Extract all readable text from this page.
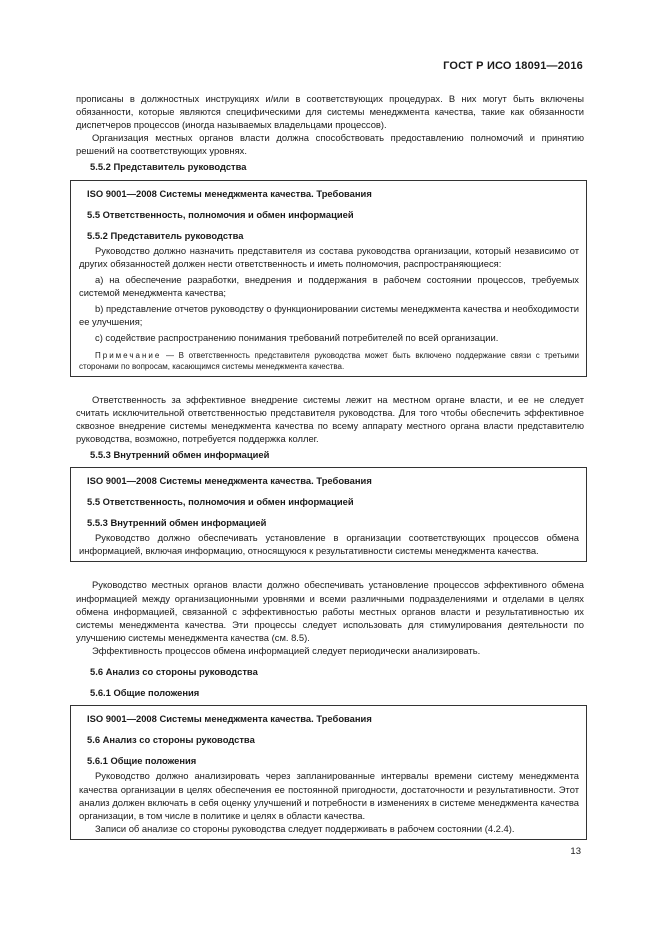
ГОСТ Р ИСО 18091—2016

прописаны в должностных инструкциях и/или в соответствующих процедурах. В них могут быть включены обязанности, которые являются специфическими для системы менеджмента качества, такие как обязанности диспетчеров процессов (иногда называемых владельцами процессов).

Организация местных органов власти должна способствовать предоставлению полномочий и принятию решений на соответствующих уровнях.

5.5.2 Представитель руководства

ISO 9001—2008 Системы менеджмента качества. Требования

5.5 Ответственность, полномочия и обмен информацией

5.5.2 Представитель руководства

Руководство должно назначить представителя из состава руководства организации, который независимо от других обязанностей должен нести ответственность и иметь полномочия, распространяющиеся:

a) на обеспечение разработки, внедрения и поддержания в рабочем состоянии процессов, требуемых системой менеджмента качества;

b) представление отчетов руководству о функционировании системы менеджмента качества и необходимости ее улучшения;

c) содействие распространению понимания требований потребителей по всей организации.

Примечание — В ответственность представителя руководства может быть включено поддержание связи с третьими сторонами по вопросам, касающимся системы менеджмента качества.

Ответственность за эффективное внедрение системы лежит на местном органе власти, и ее не следует считать исключительной ответственностью представителя руководства. Для того чтобы обеспечить эффективное сквозное внедрение системы менеджмента качества по всему аппарату местного органа власти представителю руководства, возможно, потребуется поддержка коллег.

5.5.3 Внутренний обмен информацией

ISO 9001—2008 Системы менеджмента качества. Требования

5.5 Ответственность, полномочия и обмен информацией

5.5.3 Внутренний обмен информацией

Руководство должно обеспечивать установление в организации соответствующих процессов обмена информацией, включая информацию, относящуюся к результативности системы менеджмента качества.

Руководство местных органов власти должно обеспечивать установление процессов эффективного обмена информацией между организационными уровнями и всеми различными подразделениями и отделами в целях обмена информацией, связанной с эффективностью работы местных органов власти и результативностью их системы менеджмента качества. Эти процессы следует использовать для стимулирования деятельности по улучшению системы менеджмента качества (см. 8.5).

Эффективность процессов обмена информацией следует периодически анализировать.

5.6 Анализ со стороны руководства

5.6.1 Общие положения

ISO 9001—2008 Системы менеджмента качества. Требования

5.6 Анализ со стороны руководства

5.6.1 Общие положения

Руководство должно анализировать через запланированные интервалы времени систему менеджмента качества организации в целях обеспечения ее постоянной пригодности, достаточности и результативности. Этот анализ должен включать в себя оценку улучшений и потребности в изменениях в системе менеджмента качества организации, в том числе в политике и целях в области качества.

Записи об анализе со стороны руководства следует поддерживать в рабочем состоянии (4.2.4).

13
